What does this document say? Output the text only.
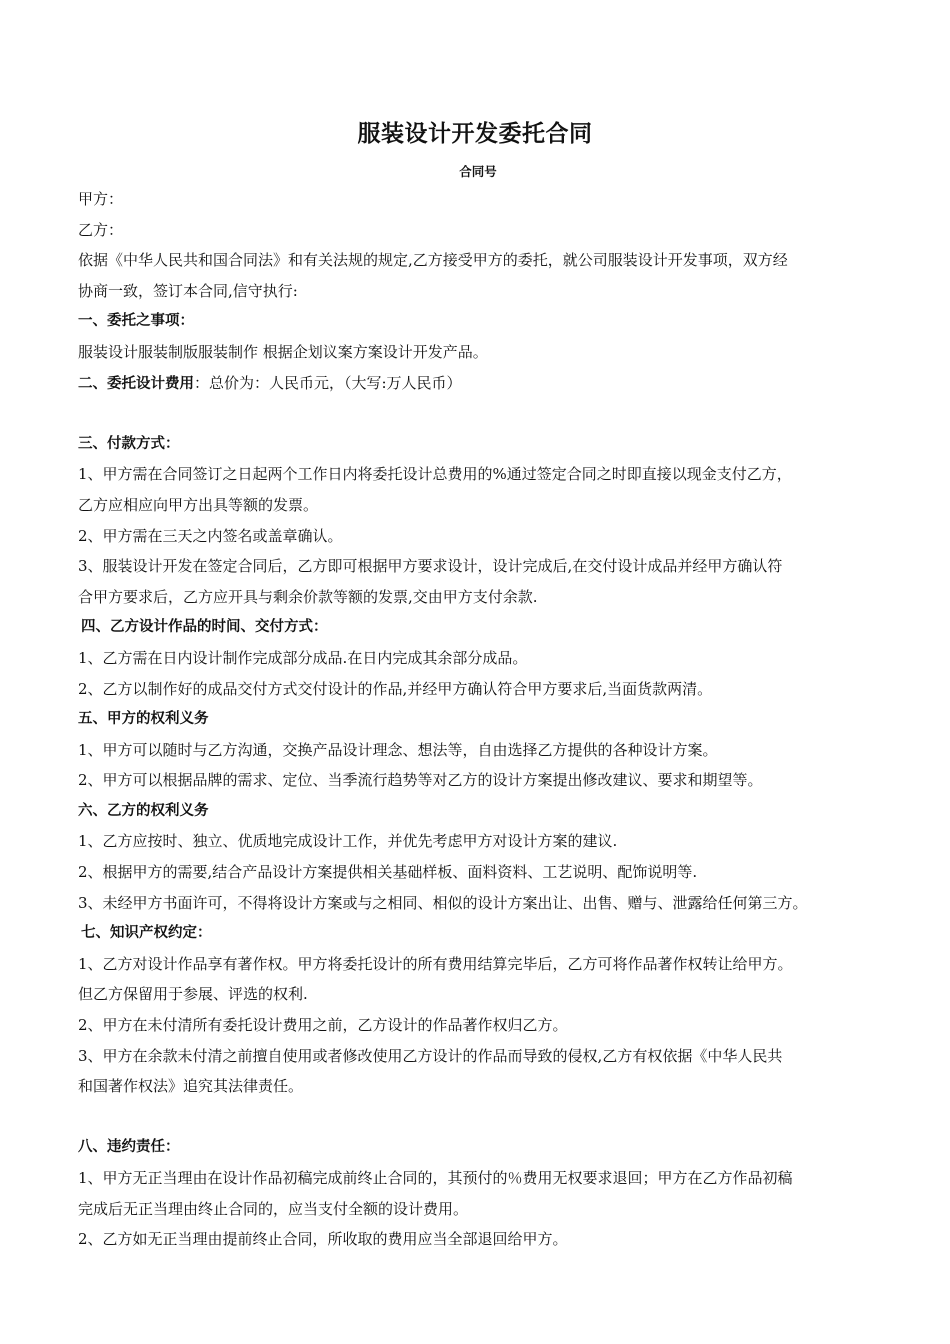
服装设计开发委托合同
合同号
甲方：
乙方：
依据《中华人民共和国合同法》和有关法规的规定,乙方接受甲方的委托，就公司服装设计开发事项，双方经
协商一致，签订本合同,信守执行:
一、委托之事项：
服装设计服装制版服装制作 根据企划议案方案设计开发产品。
二、委托设计费用：总价为：人民币元，（大写:万人民币）
三、付款方式：
1、甲方需在合同签订之日起两个工作日内将委托设计总费用的%通过签定合同之时即直接以现金支付乙方，
乙方应相应向甲方出具等额的发票。
2、甲方需在三天之内签名或盖章确认。
3、服装设计开发在签定合同后，乙方即可根据甲方要求设计，设计完成后,在交付设计成品并经甲方确认符
合甲方要求后，乙方应开具与剩余价款等额的发票,交由甲方支付余款.
四、乙方设计作品的时间、交付方式：
1、乙方需在日内设计制作完成部分成品.在日内完成其余部分成品。
2、乙方以制作好的成品交付方式交付设计的作品,并经甲方确认符合甲方要求后,当面货款两清。
五、甲方的权利义务
1、甲方可以随时与乙方沟通，交换产品设计理念、想法等，自由选择乙方提供的各种设计方案。
2、甲方可以根据品牌的需求、定位、当季流行趋势等对乙方的设计方案提出修改建议、要求和期望等。
六、乙方的权利义务
1、乙方应按时、独立、优质地完成设计工作，并优先考虑甲方对设计方案的建议.
2、根据甲方的需要,结合产品设计方案提供相关基础样板、面料资料、工艺说明、配饰说明等.
3、未经甲方书面许可，不得将设计方案或与之相同、相似的设计方案出让、出售、赠与、泄露给任何第三方。
七、知识产权约定：
1、乙方对设计作品享有著作权。甲方将委托设计的所有费用结算完毕后，乙方可将作品著作权转让给甲方。
但乙方保留用于参展、评选的权利.
2、甲方在未付清所有委托设计费用之前，乙方设计的作品著作权归乙方。
3、甲方在余款未付清之前擅自使用或者修改使用乙方设计的作品而导致的侵权,乙方有权依据《中华人民共
和国著作权法》追究其法律责任。
八、违约责任：
1、甲方无正当理由在设计作品初稿完成前终止合同的，其预付的％费用无权要求退回；甲方在乙方作品初稿
完成后无正当理由终止合同的，应当支付全额的设计费用。
2、乙方如无正当理由提前终止合同，所收取的费用应当全部退回给甲方。
